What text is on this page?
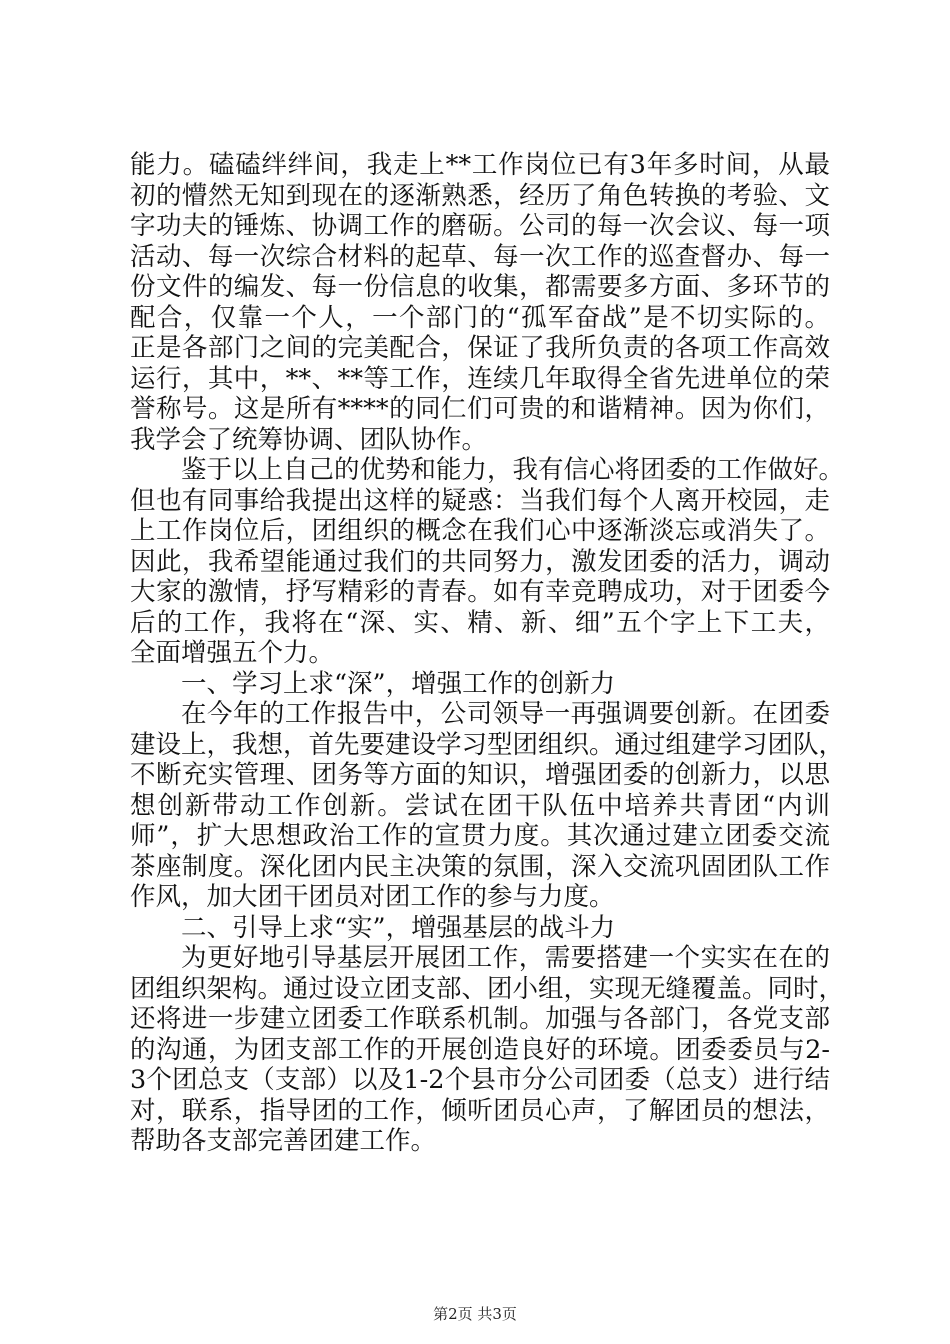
能力。磕磕绊绊间，我走上**工作岗位已有3年多时间，从最
初的懵然无知到现在的逐渐熟悉，经历了角色转换的考验、文
字功夫的锤炼、协调工作的磨砺。公司的每一次会议、每一项
活动、每一次综合材料的起草、每一次工作的巡查督办、每一
份文件的编发、每一份信息的收集，都需要多方面、多环节的
配合，仅靠一个人，一个部门的“孤军奋战”是不切实际的。
正是各部门之间的完美配合，保证了我所负责的各项工作高效
运行，其中，**、**等工作，连续几年取得全省先进单位的荣
誉称号。这是所有****的同仁们可贵的和谐精神。因为你们，
我学会了统筹协调、团队协作。
鉴于以上自己的优势和能力，我有信心将团委的工作做好。
但也有同事给我提出这样的疑惑：当我们每个人离开校园，走
上工作岗位后，团组织的概念在我们心中逐渐淡忘或消失了。
因此，我希望能通过我们的共同努力，激发团委的活力，调动
大家的激情，抒写精彩的青春。如有幸竞聘成功，对于团委今
后的工作，我将在“深、实、精、新、细”五个字上下工夫，
全面增强五个力。
一、学习上求“深”，增强工作的创新力
在今年的工作报告中，公司领导一再强调要创新。在团委
建设上，我想，首先要建设学习型团组织。通过组建学习团队，
不断充实管理、团务等方面的知识，增强团委的创新力，以思
想创新带动工作创新。尝试在团干队伍中培养共青团“内训
师”，扩大思想政治工作的宣贯力度。其次通过建立团委交流
茶座制度。深化团内民主决策的氛围，深入交流巩固团队工作
作风，加大团干团员对团工作的参与力度。
二、引导上求“实”，增强基层的战斗力
为更好地引导基层开展团工作，需要搭建一个实实在在的
团组织架构。通过设立团支部、团小组，实现无缝覆盖。同时，
还将进一步建立团委工作联系机制。加强与各部门，各党支部
的沟通，为团支部工作的开展创造良好的环境。团委委员与2-
3个团总支（支部）以及1-2个县市分公司团委（总支）进行结
对，联系，指导团的工作，倾听团员心声，了解团员的想法，
帮助各支部完善团建工作。
第2页 共3页
